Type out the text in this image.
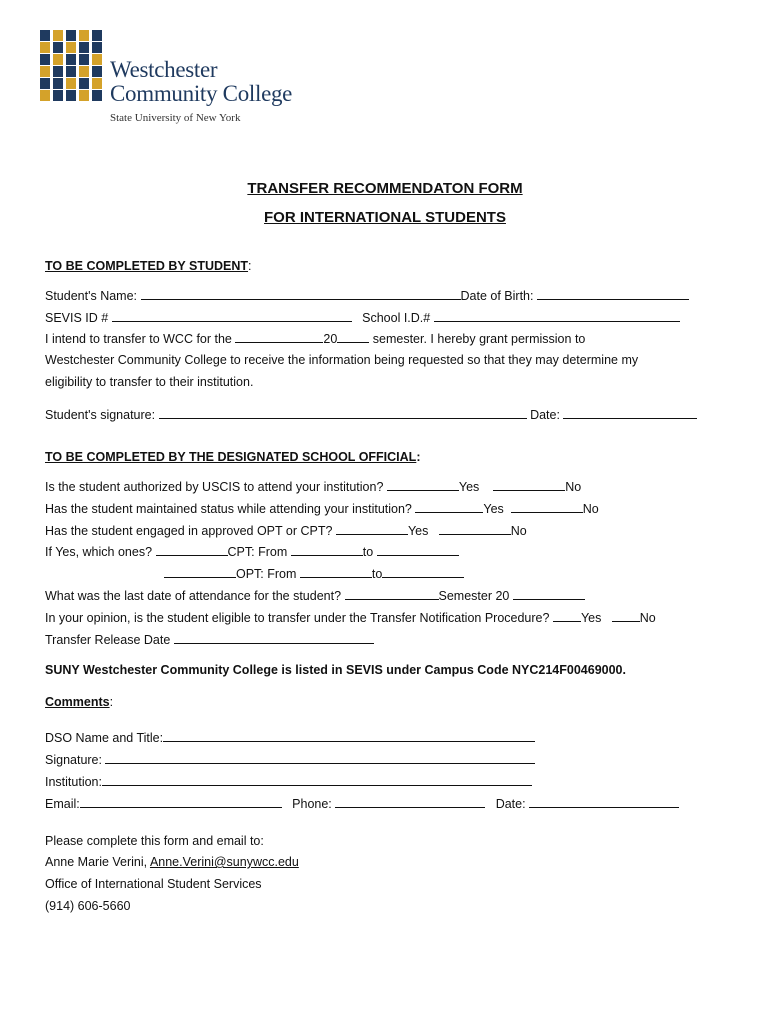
Westchester
Community College
State University of New York
TRANSFER RECOMMENDATON FORM
FOR INTERNATIONAL STUDENTS
TO BE COMPLETED BY STUDENT:
Student's Name:	Date of Birth:
SEVIS ID #	School I.D.#
I intend to transfer to WCC for the	20	semester. I hereby grant permission to
Westchester Community College to receive the information being requested so that they may determine my
eligibility to transfer to their institution.
Student's signature:	Date:
TO BE COMPLETED BY THE DESIGNATED SCHOOL OFFICIAL:
Is the student authorized by USCIS to attend your institution?	Yes	No
Has the student maintained status while attending your institution?	Yes	No
Has the student engaged in approved OPT or CPT?	Yes	No
If Yes, which ones?	CPT: From	to
OPT: From	to
What was the last date of attendance for the student?	Semester 20
In your opinion, is the student eligible to transfer under the Transfer Notification Procedure?	Yes	No
Transfer Release Date
SUNY Westchester Community College is listed in SEVIS under Campus Code NYC214F00469000.
Comments:
DSO Name and Title:
Signature:
Institution:
Email:	Phone:	Date:
Please complete this form and email to:
Anne Marie Verini, Anne.Verini@sunywcc.edu
Office of International Student Services
(914) 606-5660
